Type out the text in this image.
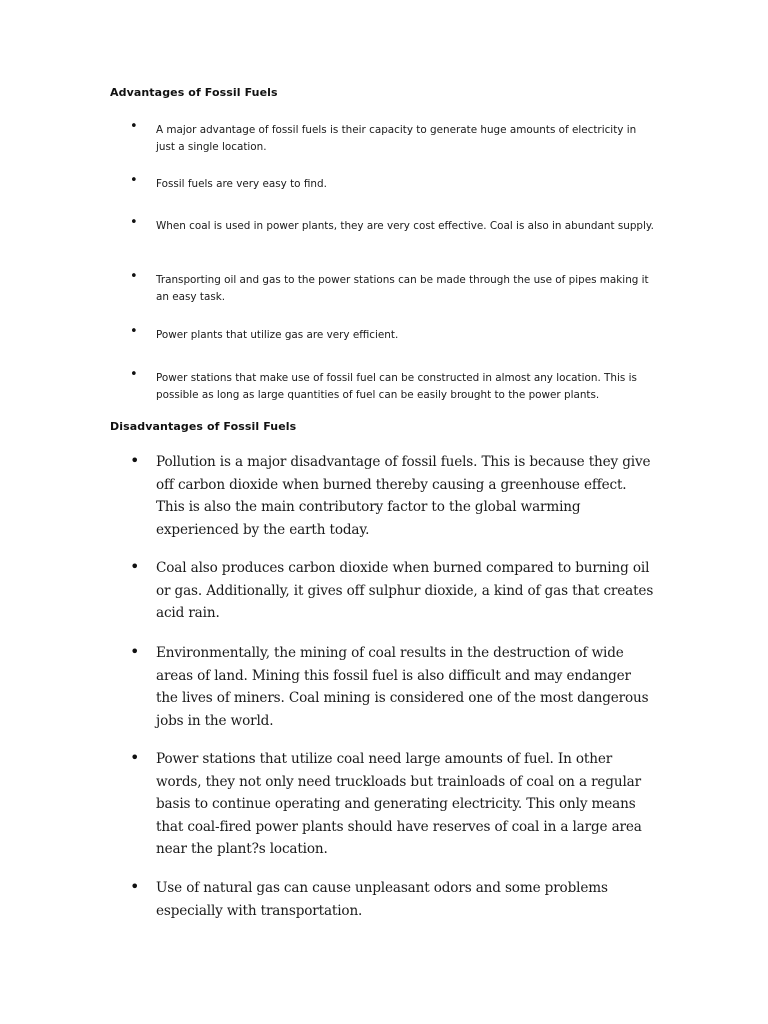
Advantages of Fossil Fuels
•	A major advantage of fossil fuels is their capacity to generate huge amounts of electricity in just a single location.
•	Fossil fuels are very easy to find.
•	When coal is used in power plants, they are very cost effective. Coal is also in abundant supply.
•	Transporting oil and gas to the power stations can be made through the use of pipes making it an easy task.
•	Power plants that utilize gas are very efficient.
•	Power stations that make use of fossil fuel can be constructed in almost any location. This is possible as long as large quantities of fuel can be easily brought to the power plants.
Disadvantages of Fossil Fuels
•	Pollution is a major disadvantage of fossil fuels. This is because they give off carbon dioxide when burned thereby causing a greenhouse effect. This is also the main contributory factor to the global warming experienced by the earth today.
•	Coal also produces carbon dioxide when burned compared to burning oil or gas. Additionally, it gives off sulphur dioxide, a kind of gas that creates acid rain.
•	Environmentally, the mining of coal results in the destruction of wide areas of land. Mining this fossil fuel is also difficult and may endanger the lives of miners. Coal mining is considered one of the most dangerous jobs in the world.
•	Power stations that utilize coal need large amounts of fuel. In other words, they not only need truckloads but trainloads of coal on a regular basis to continue operating and generating electricity. This only means that coal-fired power plants should have reserves of coal in a large area near the plant?s location.
•	Use of natural gas can cause unpleasant odors and some problems especially with transportation.
